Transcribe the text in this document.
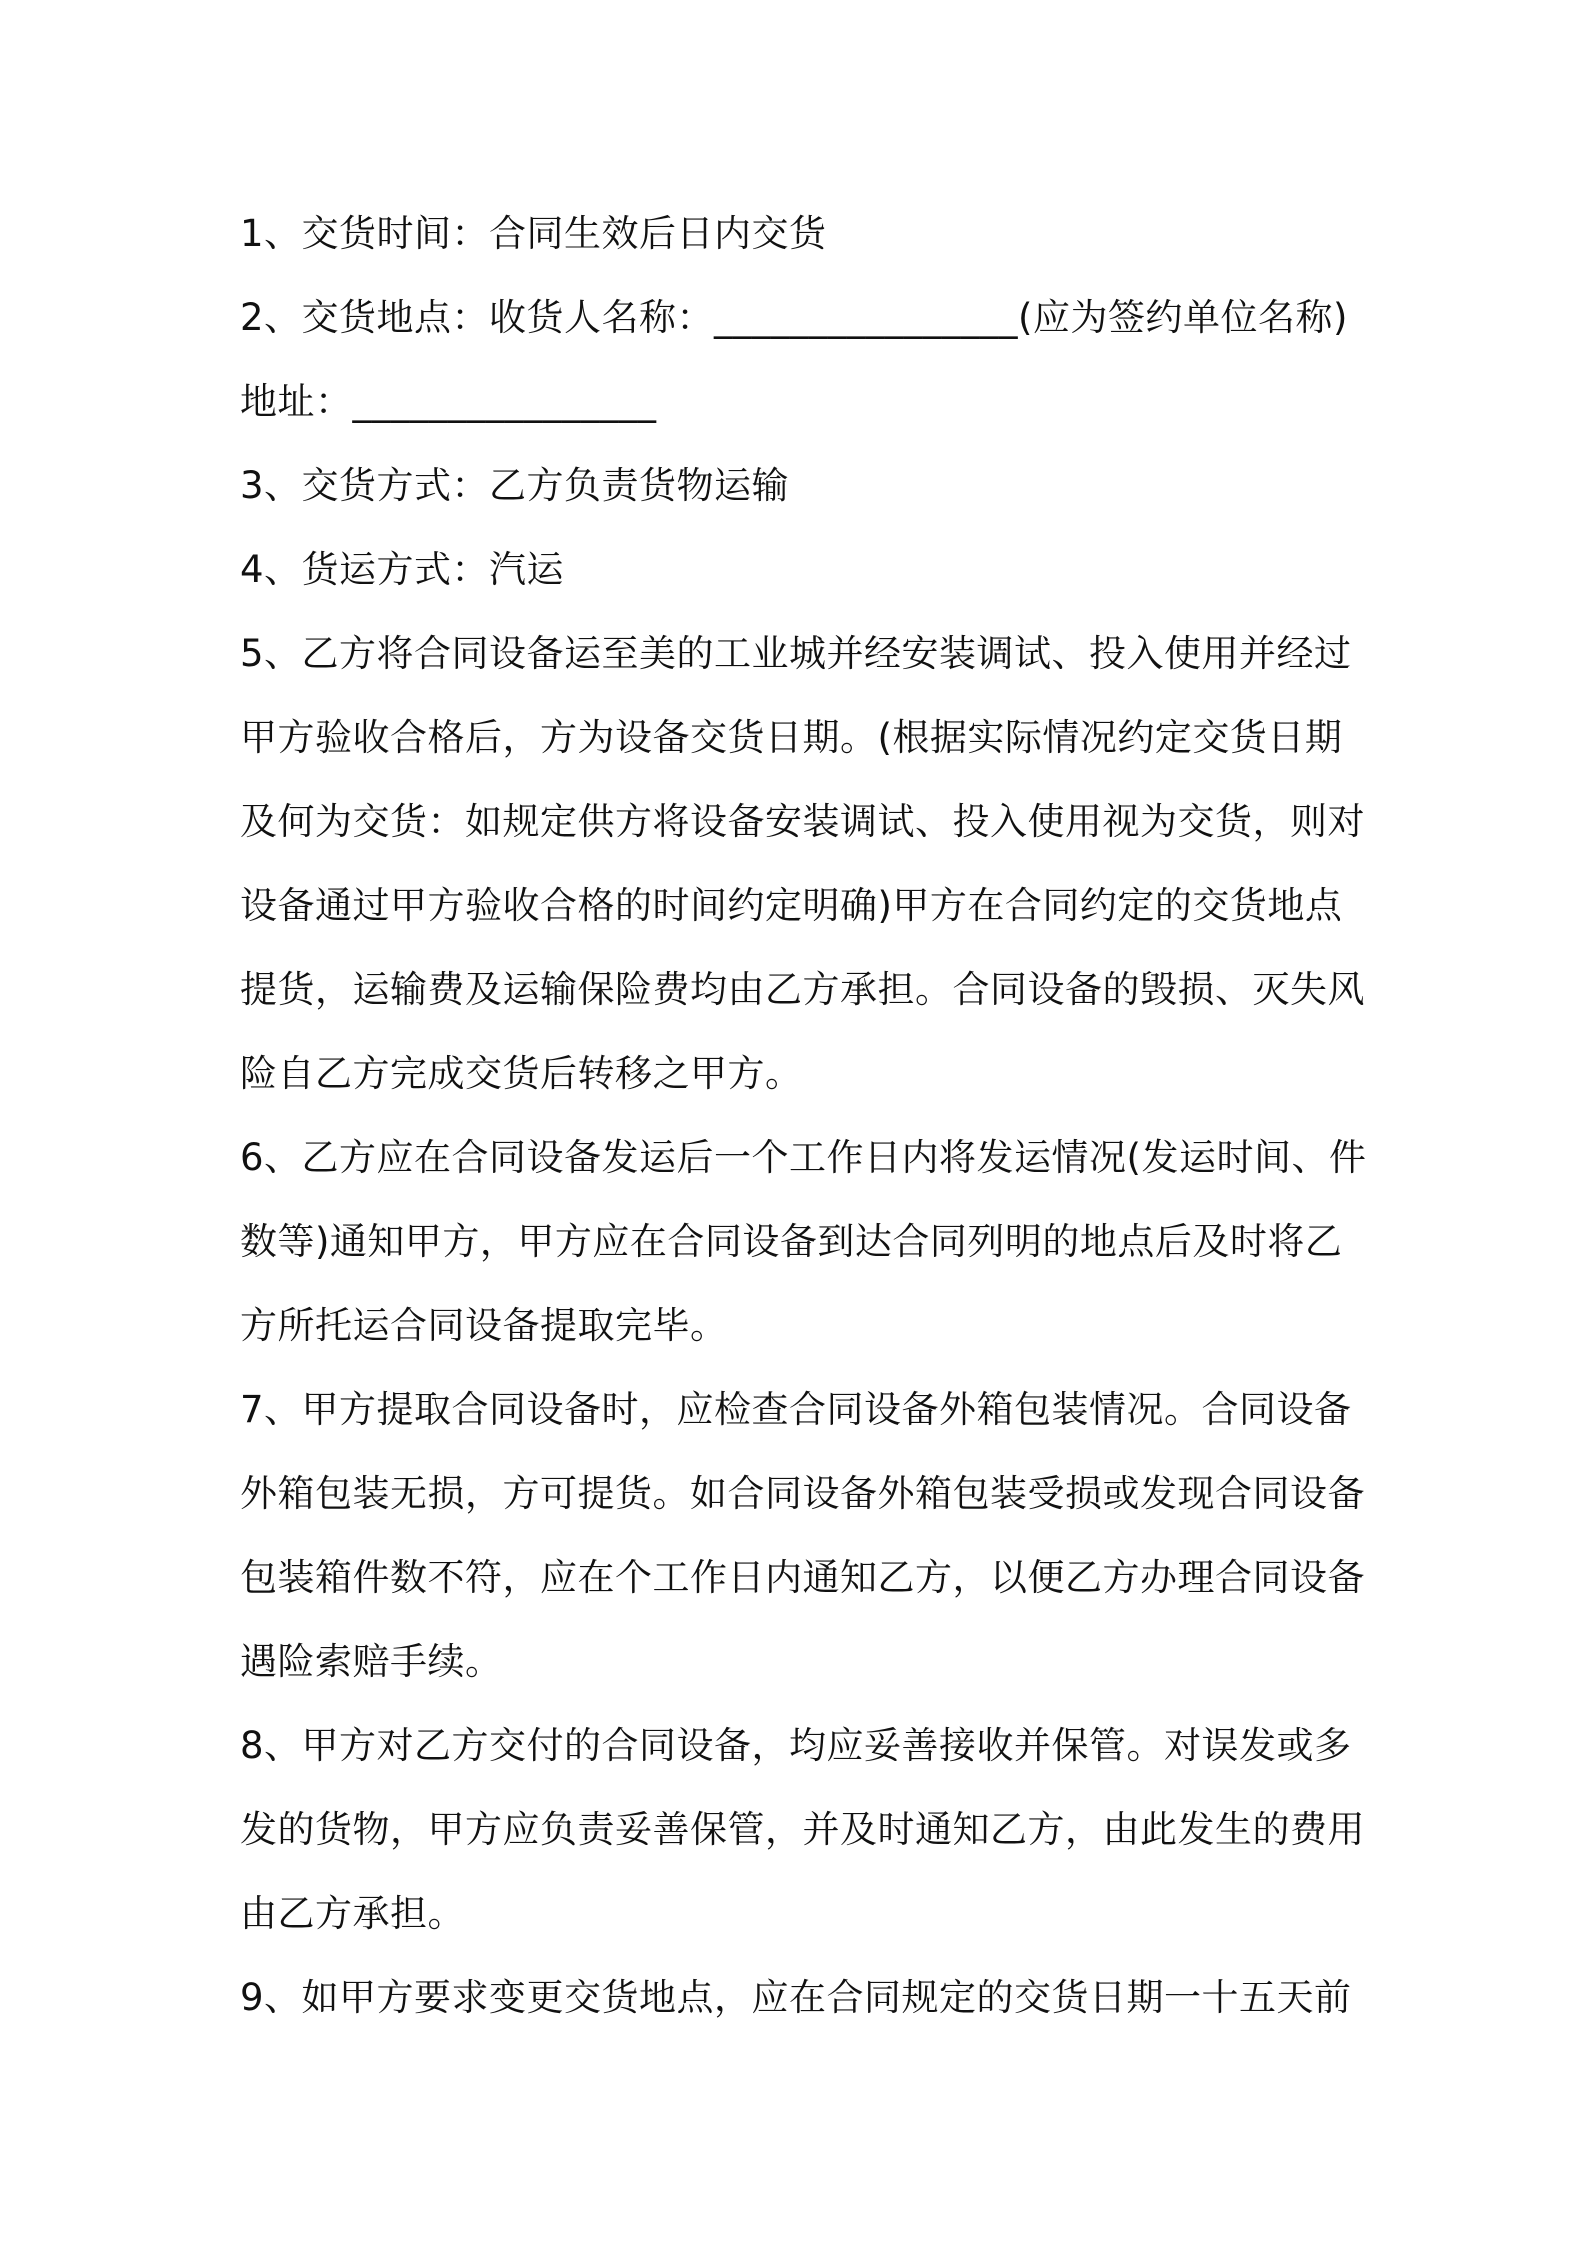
1、交货时间：合同生效后日内交货
2、交货地点：收货人名称：________________(应为签约单位名称)
地址：________________
3、交货方式：乙方负责货物运输
4、货运方式：汽运
5、乙方将合同设备运至美的工业城并经安装调试、投入使用并经过
甲方验收合格后，方为设备交货日期。(根据实际情况约定交货日期
及何为交货：如规定供方将设备安装调试、投入使用视为交货，则对
设备通过甲方验收合格的时间约定明确)甲方在合同约定的交货地点
提货，运输费及运输保险费均由乙方承担。合同设备的毁损、灭失风
险自乙方完成交货后转移之甲方。
6、乙方应在合同设备发运后一个工作日内将发运情况(发运时间、件
数等)通知甲方，甲方应在合同设备到达合同列明的地点后及时将乙
方所托运合同设备提取完毕。
7、甲方提取合同设备时，应检查合同设备外箱包装情况。合同设备
外箱包装无损，方可提货。如合同设备外箱包装受损或发现合同设备
包装箱件数不符，应在个工作日内通知乙方，以便乙方办理合同设备
遇险索赔手续。
8、甲方对乙方交付的合同设备，均应妥善接收并保管。对误发或多
发的货物，甲方应负责妥善保管，并及时通知乙方，由此发生的费用
由乙方承担。
9、如甲方要求变更交货地点，应在合同规定的交货日期一十五天前
